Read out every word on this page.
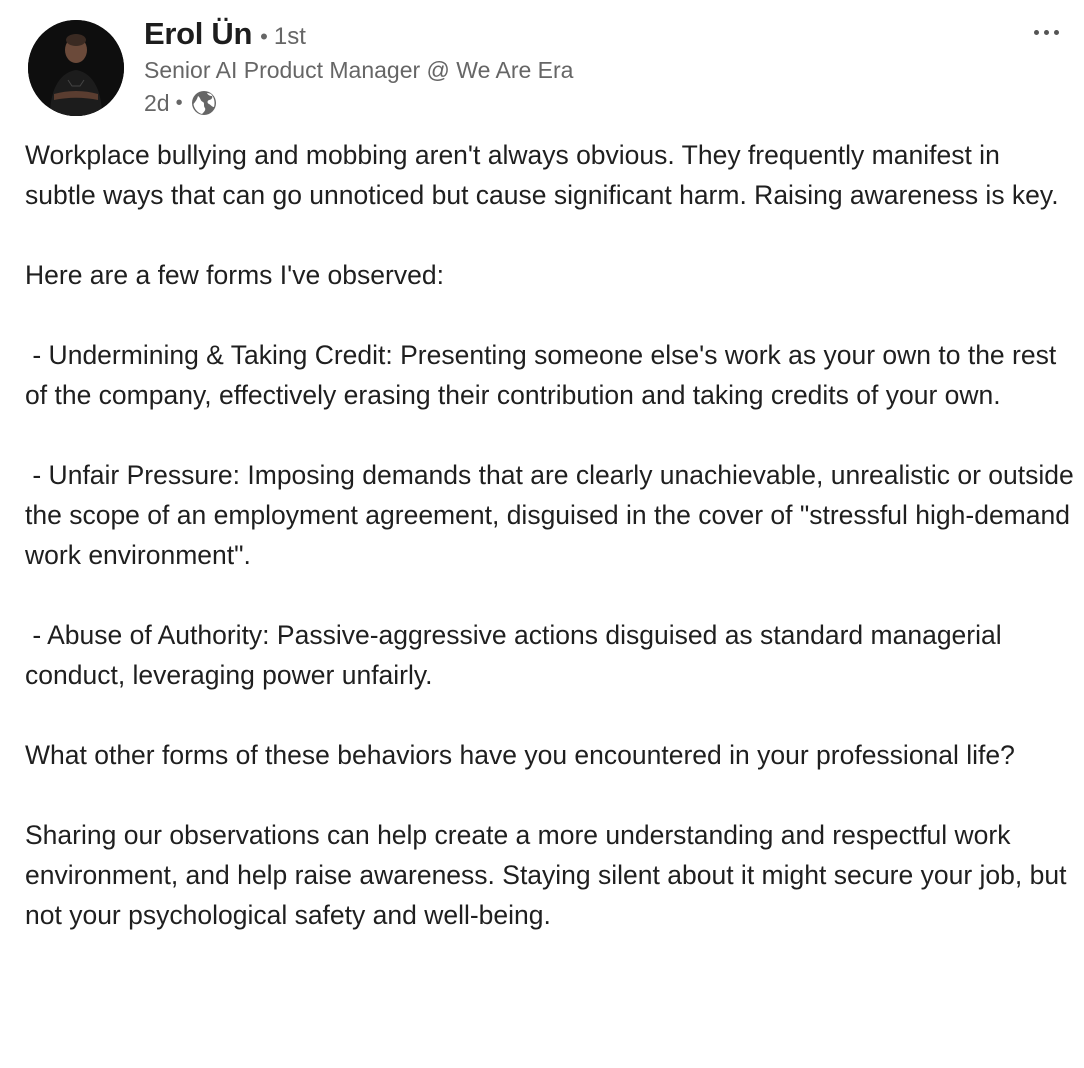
Erol Ün • 1st
Senior AI Product Manager @ We Are Era
2d •

Workplace bullying and mobbing aren't always obvious. They frequently manifest in subtle ways that can go unnoticed but cause significant harm. Raising awareness is key.

Here are a few forms I've observed:

- Undermining & Taking Credit: Presenting someone else's work as your own to the rest of the company, effectively erasing their contribution and taking credits of your own.

- Unfair Pressure: Imposing demands that are clearly unachievable, unrealistic or outside the scope of an employment agreement, disguised in the cover of "stressful high-demand work environment".

- Abuse of Authority: Passive-aggressive actions disguised as standard managerial conduct, leveraging power unfairly.

What other forms of these behaviors have you encountered in your professional life?

Sharing our observations can help create a more understanding and respectful work environment, and help raise awareness. Staying silent about it might secure your job, but not your psychological safety and well-being.
